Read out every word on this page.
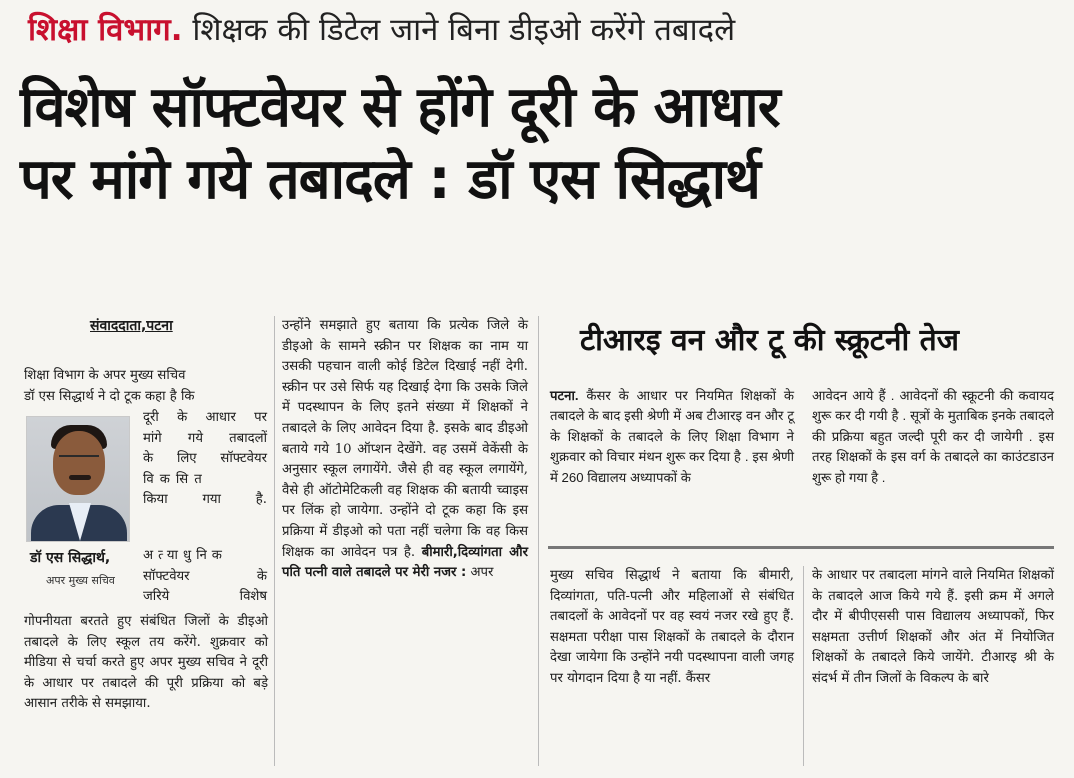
शिक्षा विभाग. शिक्षक की डिटेल जाने बिना डीइओ करेंगे तबादले
विशेष सॉफ्टवेयर से होंगे दूरी के आधार
पर मांगे गये तबादले : डॉ एस सिद्धार्थ
संवाददाता,पटना
शिक्षा विभाग के अपर मुख्य सचिव
डॉ एस सिद्धार्थ ने दो टूक कहा है कि
दूरी के आधार पर
मांगे गये तबादलों
के लिए सॉफ्टवेयर
विकसित
किया गया है.
डॉ एस सिद्धार्थ,
अपर मुख्य सचिव
अत्याधुनिक
सॉफ्टवेयर के
जरिये विशेष
गोपनीयता बरतते हुए संबंधित जिलों के डीइओ तबादले के लिए स्कूल तय करेंगे. शुक्रवार को मीडिया से चर्चा करते हुए अपर मुख्य सचिव ने दूरी के आधार पर तबादले की पूरी प्रक्रिया को बड़े आसान तरीके से समझाया.
उन्होंने समझाते हुए बताया कि प्रत्येक जिले के डीइओ के सामने स्क्रीन पर शिक्षक का नाम या उसकी पहचान वाली कोई डिटेल दिखाई नहीं देगी. स्क्रीन पर उसे सिर्फ यह दिखाई देगा कि उसके जिले में पदस्थापन के लिए इतने संख्या में शिक्षकों ने तबादले के लिए आवेदन दिया है. इसके बाद डीइओ बताये गये 10 ऑप्शन देखेंगे. वह उसमें वेकेंसी के अनुसार स्कूल लगायेंगे. जैसे ही वह स्कूल लगायेंगे, वैसे ही ऑटोमेटिकली वह शिक्षक की बतायी च्वाइस पर लिंक हो जायेगा. उन्होंने दो टूक कहा कि इस प्रक्रिया में डीइओ को पता नहीं चलेगा कि वह किस शिक्षक का आवेदन पत्र है. बीमारी,दिव्यांगता और पति पत्नी वाले तबादले पर मेरी नजर : अपर
टीआरइ वन और टू की स्क्रूटनी तेज
पटना. कैंसर के आधार पर नियमित शिक्षकों के तबादले के बाद इसी श्रेणी में अब टीआरइ वन और टू के शिक्षकों के तबादले के लिए शिक्षा विभाग ने शुक्रवार को विचार मंथन शुरू कर दिया है . इस श्रेणी में 260 विद्यालय अध्यापकों के
आवेदन आये हैं . आवेदनों की स्क्रूटनी की कवायद शुरू कर दी गयी है . सूत्रों के मुताबिक इनके तबादले की प्रक्रिया बहुत जल्दी पूरी कर दी जायेगी . इस तरह शिक्षकों के इस वर्ग के तबादले का काउंटडाउन शुरू हो गया है .
मुख्य सचिव सिद्धार्थ ने बताया कि बीमारी, दिव्यांगता, पति-पत्नी और महिलाओं से संबंधित तबादलों के आवेदनों पर वह स्वयं नजर रखे हुए हैं. सक्षमता परीक्षा पास शिक्षकों के तबादले के दौरान देखा जायेगा कि उन्होंने नयी पदस्थापना वाली जगह पर योगदान दिया है या नहीं. कैंसर
के आधार पर तबादला मांगने वाले नियमित शिक्षकों के तबादले आज किये गये हैं. इसी क्रम में अगले दौर में बीपीएससी पास विद्यालय अध्यापकों, फिर सक्षमता उत्तीर्ण शिक्षकों और अंत में नियोजित शिक्षकों के तबादले किये जायेंगे. टीआरइ श्री के संदर्भ में तीन जिलों के विकल्प के बारे
